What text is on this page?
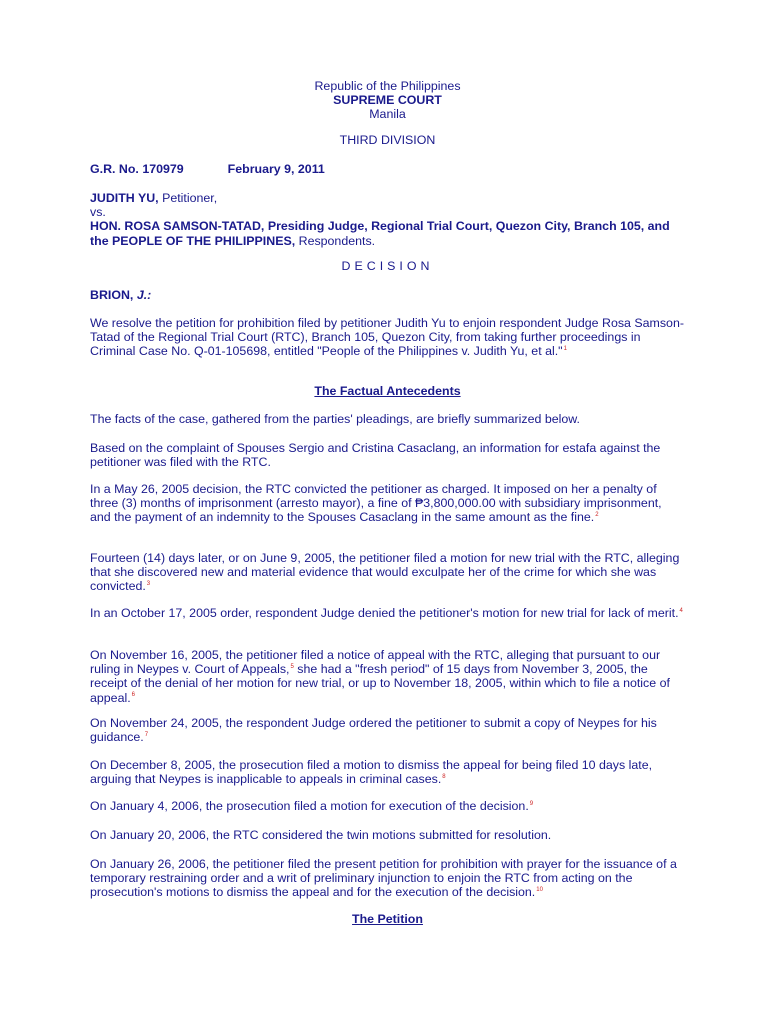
Republic of the Philippines

SUPREME COURT

Manila

THIRD DIVISION
G.R. No. 170979	February 9, 2011

JUDITH YU, Petitioner,

vs.

HON. ROSA SAMSON-TATAD, Presiding Judge, Regional Trial Court, Quezon City, Branch 105, and the PEOPLE OF THE PHILIPPINES, Respondents.

DECISION
BRION, J.:
We resolve the petition for prohibition filed by petitioner Judith Yu to enjoin respondent Judge Rosa Samson-Tatad of the Regional Trial Court (RTC), Branch 105, Quezon City, from taking further proceedings in Criminal Case No. Q-01-105698, entitled "People of the Philippines v. Judith Yu, et al."$^1$
The Factual Antecedents
The facts of the case, gathered from the parties' pleadings, are briefly summarized below.
Based on the complaint of Spouses Sergio and Cristina Casaclang, an information for estafa against the petitioner was filed with the RTC.
In a May 26, 2005 decision, the RTC convicted the petitioner as charged. It imposed on her a penalty of three (3) months of imprisonment (arresto mayor), a fine of ₱3,800,000.00 with subsidiary imprisonment, and the payment of an indemnity to the Spouses Casaclang in the same amount as the fine.$^2$
Fourteen (14) days later, or on June 9, 2005, the petitioner filed a motion for new trial with the RTC, alleging that she discovered new and material evidence that would exculpate her of the crime for which she was convicted.$^3$
In an October 17, 2005 order, respondent Judge denied the petitioner's motion for new trial for lack of merit.$^4$
On November 16, 2005, the petitioner filed a notice of appeal with the RTC, alleging that pursuant to our ruling in Neypes v. Court of Appeals,$^5$ she had a "fresh period" of 15 days from November 3, 2005, the receipt of the denial of her motion for new trial, or up to November 18, 2005, within which to file a notice of appeal.$^6$
On November 24, 2005, the respondent Judge ordered the petitioner to submit a copy of Neypes for his guidance.$^7$
On December 8, 2005, the prosecution filed a motion to dismiss the appeal for being filed 10 days late, arguing that Neypes is inapplicable to appeals in criminal cases.$^8$
On January 4, 2006, the prosecution filed a motion for execution of the decision.$^9$
On January 20, 2006, the RTC considered the twin motions submitted for resolution.
On January 26, 2006, the petitioner filed the present petition for prohibition with prayer for the issuance of a temporary restraining order and a writ of preliminary injunction to enjoin the RTC from acting on the prosecution's motions to dismiss the appeal and for the execution of the decision.$^{10}$
The Petition
